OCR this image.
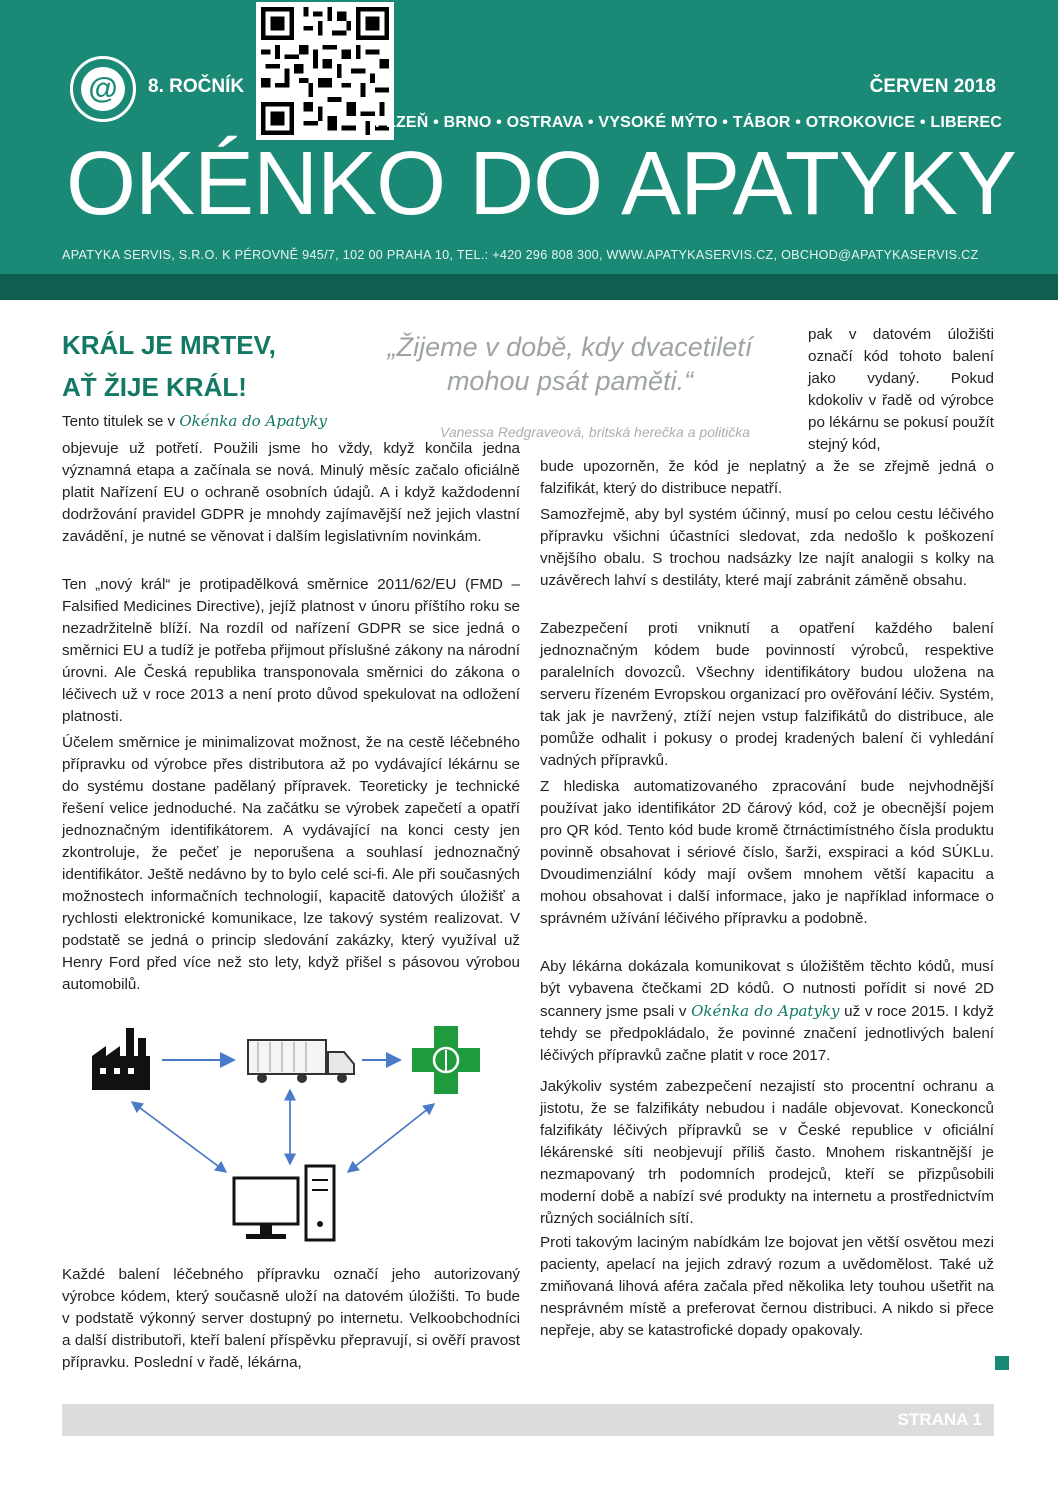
@	8. ROČNÍK	ČERVEN 2018
PLZEŇ • BRNO • OSTRAVA • VYSOKÉ MÝTO • TÁBOR • OTROKOVICE • LIBEREC
OKÉNKO DO APATYKY
APATYKA SERVIS, S.R.O. K PÉROVNĚ 945/7, 102 00 PRAHA 10, TEL.: +420 296 808 300, WWW.APATYKASERVIS.CZ, OBCHOD@APATYKASERVIS.CZ
KRÁL JE MRTEV,
AŤ ŽIJE KRÁL!
„Žijeme v době, kdy dvacetiletí mohou psát paměti.“
Vanessa Redgraveová, britská herečka a politička
Tento titulek se v Okénka do Apatyky
objevuje už potřetí. Použili jsme ho vždy, když končila jedna významná etapa a začínala se nová. Minulý měsíc začalo oficiálně platit Nařízení EU o ochraně osobních údajů. A i když každodenní dodržování pravidel GDPR je mnohdy zajímavější než jejich vlastní zavádění, je nutné se věnovat i dalším legislativním novinkám.
Ten „nový král“ je protipadělková směrnice 2011/62/EU (FMD – Falsified Medicines Directive), jejíž platnost v únoru příštího roku se nezadržitelně blíží. Na rozdíl od nařízení GDPR se sice jedná o směrnici EU a tudíž je potřeba přijmout příslušné zákony na národní úrovni. Ale Česká republika transponovala směrnici do zákona o léčivech už v roce 2013 a není proto důvod spekulovat na odložení platnosti.
Účelem směrnice je minimalizovat možnost, že na cestě léčebného přípravku od výrobce přes distributora až po vydávající lékárnu se do systému dostane padělaný přípravek. Teoreticky je technické řešení velice jednoduché. Na začátku se výrobek zapečetí a opatří jednoznačným identifikátorem. A vydávající na konci cesty jen zkontroluje, že pečeť je neporušena a souhlasí jednoznačný identifikátor. Ještě nedávno by to bylo celé sci-fi. Ale při současných možnostech informačních technologií, kapacitě datových úložišť a rychlosti elektronické komunikace, lze takový systém realizovat. V podstatě se jedná o princip sledování zakázky, který využíval už Henry Ford před více než sto lety, když přišel s pásovou výrobou automobilů.
Každé balení léčebného přípravku označí jeho autorizovaný výrobce kódem, který současně uloží na datovém úložišti. To bude v podstatě výkonný server dostupný po internetu. Velkoobchodníci a další distributoři, kteří balení příspěvku přepravují, si ověří pravost přípravku. Poslední v řadě, lékárna,
pak v datovém úložišti označí kód tohoto balení jako vydaný. Pokud kdokoliv v řadě od výrobce po lékárnu se pokusí použít stejný kód,
bude upozorněn, že kód je neplatný a že se zřejmě jedná o falzifikát, který do distribuce nepatří.
Samozřejmě, aby byl systém účinný, musí po celou cestu léčivého přípravku všichni účastníci sledovat, zda nedošlo k poškození vnějšího obalu. S trochou nadsázky lze najít analogii s kolky na uzávěrech lahví s destiláty, které mají zabránit záměně obsahu.
Zabezpečení proti vniknutí a opatření každého balení jednoznačným kódem bude povinností výrobců, respektive paralelních dovozců. Všechny identifikátory budou uložena na serveru řízeném Evropskou organizací pro ověřování léčiv. Systém, tak jak je navržený, ztíží nejen vstup falzifikátů do distribuce, ale pomůže odhalit i pokusy o prodej kradených balení či vyhledání vadných přípravků.
Z hlediska automatizovaného zpracování bude nejvhodnější používat jako identifikátor 2D čárový kód, což je obecnější pojem pro QR kód. Tento kód bude kromě čtrnáctimístného čísla produktu povinně obsahovat i sériové číslo, šarži, exspiraci a kód SÚKLu. Dvoudimenziální kódy mají ovšem mnohem větší kapacitu a mohou obsahovat i další informace, jako je například informace o správném užívání léčivého přípravku a podobně.
Aby lékárna dokázala komunikovat s úložištěm těchto kódů, musí být vybavena čtečkami 2D kódů. O nutnosti pořídit si nové 2D scannery jsme psali v Okénka do Apatyky už v roce 2015. I když tehdy se předpokládalo, že povinné značení jednotlivých balení léčivých přípravků začne platit v roce 2017.
Jakýkoliv systém zabezpečení nezajistí sto procentní ochranu a jistotu, že se falzifikáty nebudou i nadále objevovat. Koneckonců falzifikáty léčivých přípravků se v České republice v oficiální lékárenské síti neobjevují příliš často. Mnohem riskantnější je nezmapovaný trh podomních prodejců, kteří se přizpůsobili moderní době a nabízí své produkty na internetu a prostřednictvím různých sociálních sítí.
Proti takovým laciným nabídkám lze bojovat jen větší osvětou mezi pacienty, apelací na jejich zdravý rozum a uvědomělost. Také už zmiňovaná lihová aféra začala před několika lety touhou ušetřit na nesprávném místě a preferovat černou distribuci. A nikdo si přece nepřeje, aby se katastrofické dopady opakovaly.
STRANA 1
